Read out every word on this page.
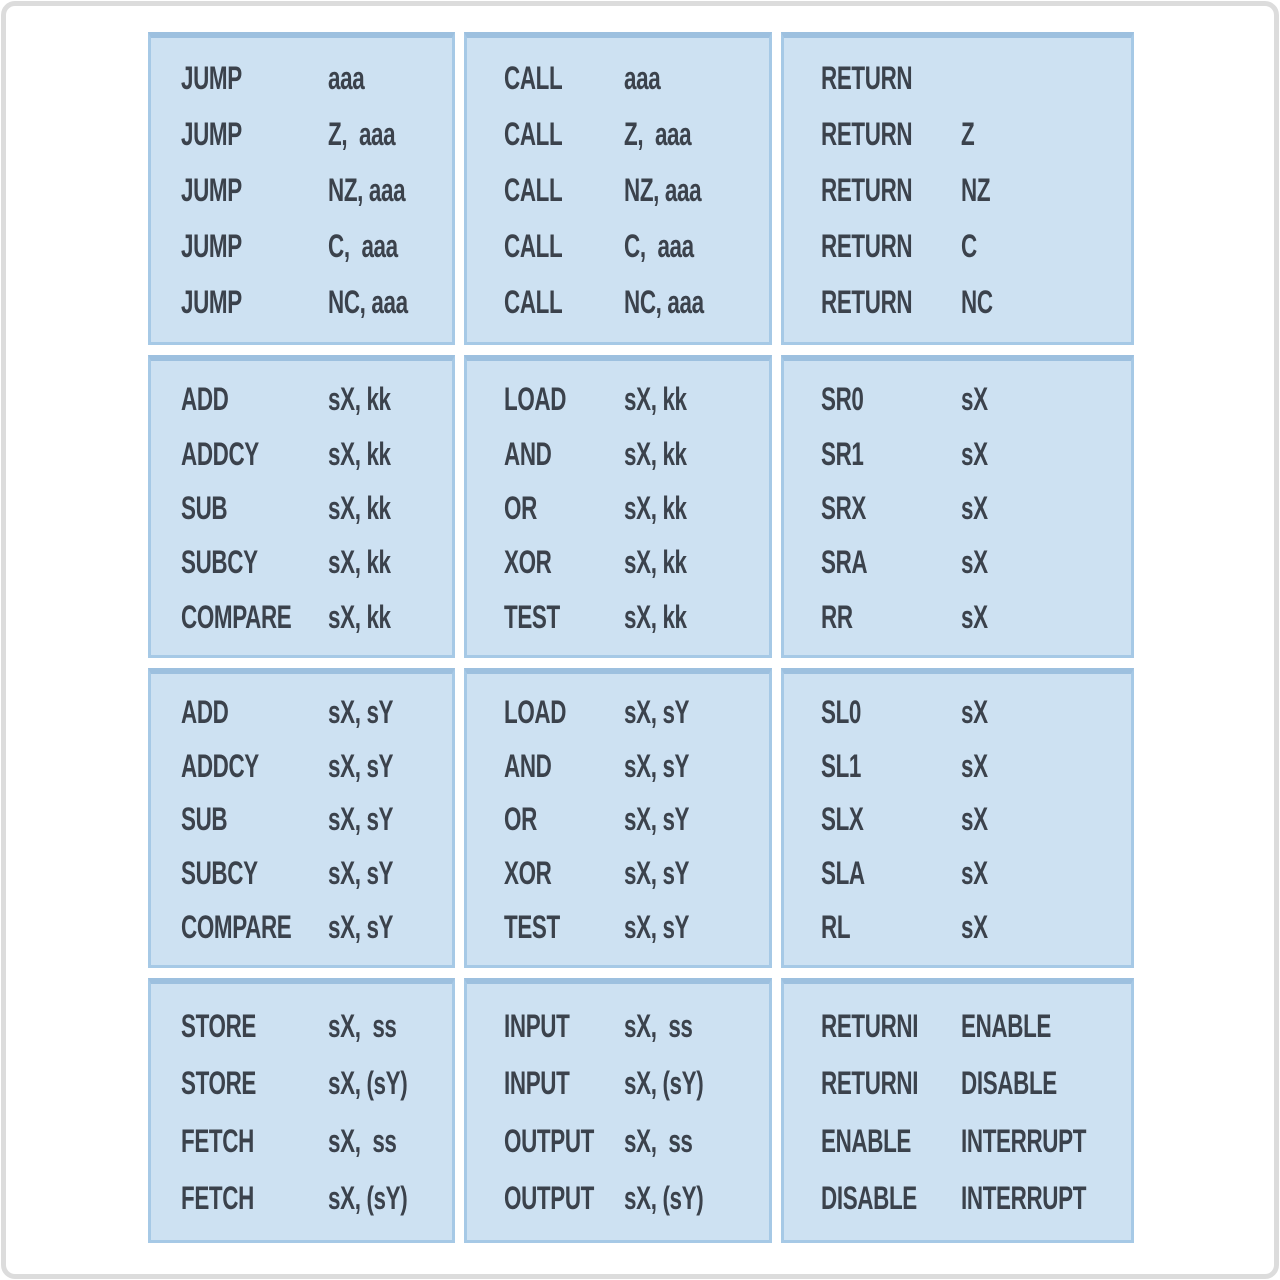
JUMP	aaa
JUMP	Z,  aaa
JUMP	NZ, aaa
JUMP	C,  aaa
JUMP	NC, aaa
CALL	aaa
CALL	Z,  aaa
CALL	NZ, aaa
CALL	C,  aaa
CALL	NC, aaa
RETURN
RETURN Z
RETURN NZ
RETURN C
RETURN NC
ADD	sX, kk
ADDCY	sX, kk
SUB	sX, kk
SUBCY	sX, kk
COMPARE sX, kk
LOAD	sX, kk
AND	sX, kk
OR	sX, kk
XOR	sX, kk
TEST	sX, kk
SR0	sX
SR1	sX
SRX	sX
SRA	sX
RR	sX
ADD	sX, sY
ADDCY	sX, sY
SUB	sX, sY
SUBCY	sX, sY
COMPARE sX, sY
LOAD	sX, sY
AND	sX, sY
OR	sX, sY
XOR	sX, sY
TEST	sX, sY
SL0	sX
SL1	sX
SLX	sX
SLA	sX
RL	sX
STORE	sX,  ss
STORE	sX, (sY)
FETCH	sX,  ss
FETCH	sX, (sY)
INPUT	sX,  ss
INPUT	sX, (sY)
OUTPUT sX,  ss
OUTPUT sX, (sY)
RETURNI ENABLE
RETURNI DISABLE
ENABLE INTERRUPT
DISABLE INTERRUPT
